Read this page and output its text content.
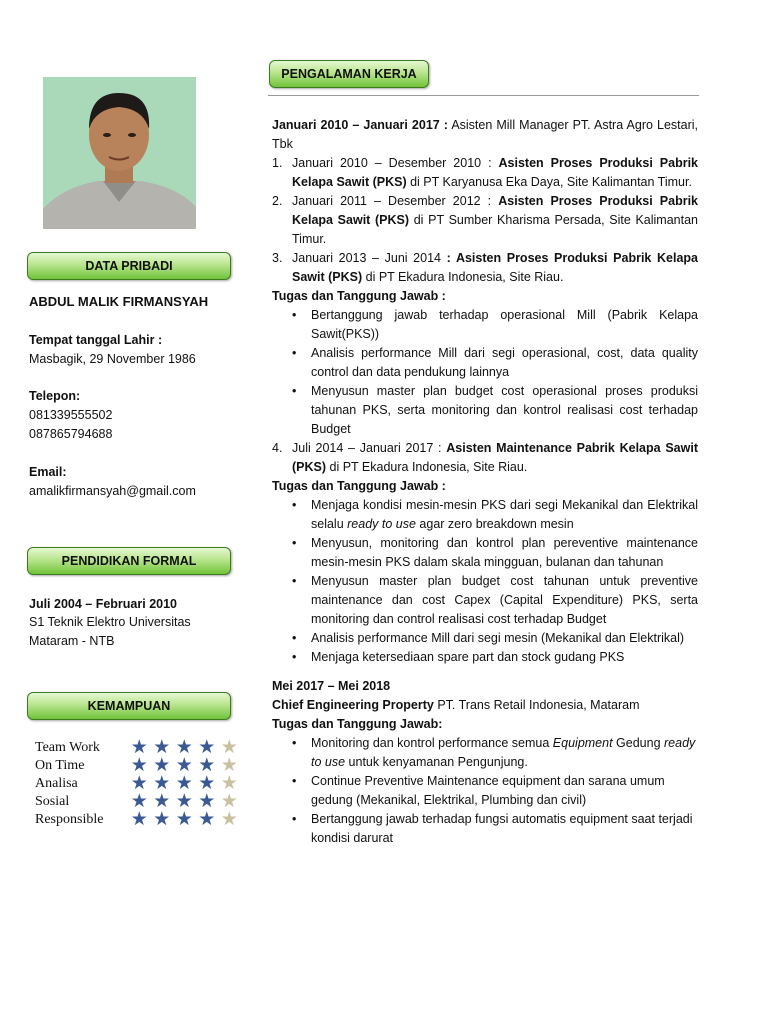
DATA PRIBADI
ABDUL MALIK FIRMANSYAH
Tempat tanggal Lahir :
Masbagik, 29 November 1986
Telepon:
081339555502
087865794688
Email:
amalikfirmansyah@gmail.com
PENDIDIKAN FORMAL
Juli 2004 – Februari 2010
S1 Teknik Elektro Universitas
Mataram - NTB
KEMAMPUAN
Team Work	★ ★ ★ ★ ★
On Time	★ ★ ★ ★ ★
Analisa	★ ★ ★ ★ ★
Sosial	★ ★ ★ ★ ★
Responsible	★ ★ ★ ★ ★
PENGALAMAN KERJA

Januari 2010 – Januari 2017 : Asisten Mill Manager PT. Astra Agro Lestari, Tbk

1. Januari 2010 – Desember 2010 : Asisten Proses Produksi Pabrik Kelapa Sawit (PKS) di PT Karyanusa Eka Daya, Site Kalimantan Timur.
2. Januari 2011 – Desember 2012 : Asisten Proses Produksi Pabrik Kelapa Sawit (PKS) di PT Sumber Kharisma Persada, Site Kalimantan Timur.
3. Januari 2013 – Juni 2014 : Asisten Proses Produksi Pabrik Kelapa Sawit (PKS) di PT Ekadura Indonesia, Site Riau.

Tugas dan Tanggung Jawab :

•	Bertanggung jawab terhadap operasional Mill (Pabrik Kelapa Sawit(PKS))
•	Analisis performance Mill dari segi operasional, cost, data quality control dan data pendukung lainnya
•	Menyusun master plan budget cost operasional proses produksi tahunan PKS, serta monitoring dan kontrol realisasi cost terhadap Budget
4. Juli 2014 – Januari 2017 : Asisten Maintenance Pabrik Kelapa Sawit (PKS) di PT Ekadura Indonesia, Site Riau.

Tugas dan Tanggung Jawab :

•	Menjaga kondisi mesin-mesin PKS dari segi Mekanikal dan Elektrikal selalu ready to use agar zero breakdown mesin
•	Menyusun, monitoring dan kontrol plan pereventive maintenance mesin-mesin PKS dalam skala mingguan, bulanan dan tahunan
•	Menyusun master plan budget cost tahunan untuk preventive maintenance dan cost Capex (Capital Expenditure) PKS, serta monitoring dan control realisasi cost terhadap Budget
•	Analisis performance Mill dari segi mesin (Mekanikal dan Elektrikal)
•	Menjaga ketersediaan spare part dan stock gudang PKS

Mei 2017 – Mei 2018

Chief Engineering Property PT. Trans Retail Indonesia, Mataram

Tugas dan Tanggung Jawab:

•	Monitoring dan kontrol performance semua Equipment Gedung ready to use untuk kenyamanan Pengunjung.
•	Continue Preventive Maintenance equipment dan sarana umum gedung (Mekanikal, Elektrikal, Plumbing dan civil)
•	Bertanggung jawab terhadap fungsi automatis equipment saat terjadi kondisi darurat
